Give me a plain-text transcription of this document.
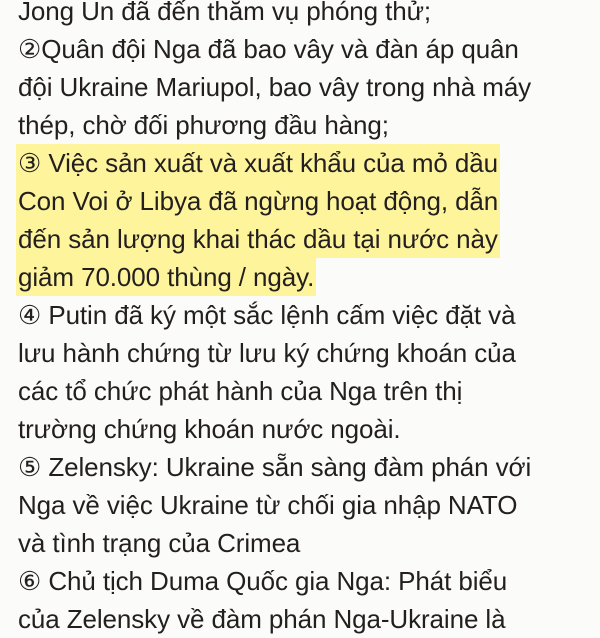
Jong Un đã đến thăm vụ phóng thử;
②Quân đội Nga đã bao vây và đàn áp quân
đội Ukraine Mariupol, bao vây trong nhà máy
thép, chờ đối phương đầu hàng;
③ Việc sản xuất và xuất khẩu của mỏ dầu
Con Voi ở Libya đã ngừng hoạt động, dẫn
đến sản lượng khai thác dầu tại nước này
giảm 70.000 thùng / ngày.
④ Putin đã ký một sắc lệnh cấm việc đặt và
lưu hành chứng từ lưu ký chứng khoán của
các tổ chức phát hành của Nga trên thị
trường chứng khoán nước ngoài.
⑤ Zelensky: Ukraine sẵn sàng đàm phán với
Nga về việc Ukraine từ chối gia nhập NATO
và tình trạng của Crimea
⑥ Chủ tịch Duma Quốc gia Nga: Phát biểu
của Zelensky về đàm phán Nga-Ukraine là
